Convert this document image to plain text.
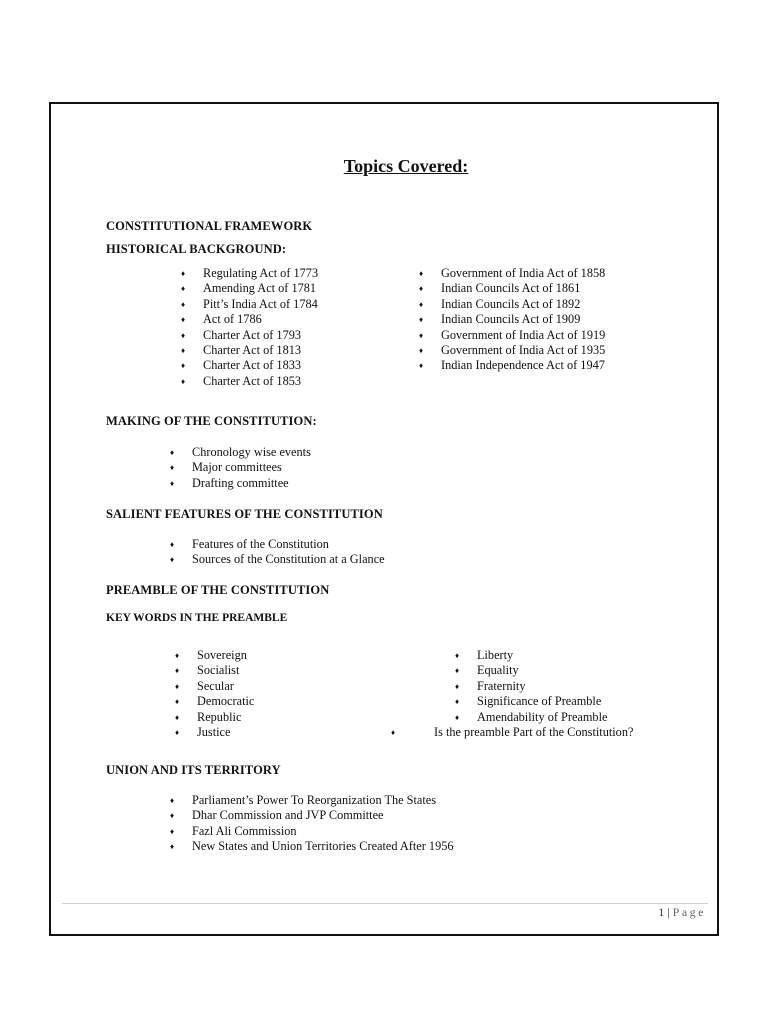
Topics Covered:
CONSTITUTIONAL FRAMEWORK
HISTORICAL BACKGROUND:
♦ Regulating Act of 1773
♦ Amending Act of 1781
♦ Pitt’s India Act of 1784
♦ Act of 1786
♦ Charter Act of 1793
♦ Charter Act of 1813
♦ Charter Act of 1833
♦ Charter Act of 1853
♦ Government of India Act of 1858
♦ Indian Councils Act of 1861
♦ Indian Councils Act of 1892
♦ Indian Councils Act of 1909
♦ Government of India Act of 1919
♦ Government of India Act of 1935
♦ Indian Independence Act of 1947
MAKING OF THE CONSTITUTION:
♦ Chronology wise events
♦ Major committees
♦ Drafting committee
SALIENT FEATURES OF THE CONSTITUTION
♦ Features of the Constitution
♦ Sources of the Constitution at a Glance
PREAMBLE OF THE CONSTITUTION
KEY WORDS IN THE PREAMBLE
♦ Sovereign
♦ Socialist
♦ Secular
♦ Democratic
♦ Republic
♦ Justice
♦ Liberty
♦ Equality
♦ Fraternity
♦ Significance of Preamble
♦ Amendability of Preamble
♦	Is the preamble Part of the Constitution?
UNION AND ITS TERRITORY
♦ Parliament’s Power To Reorganization The States
♦ Dhar Commission and JVP Committee
♦ Fazl Ali Commission
♦ New States and Union Territories Created After 1956
1 | Page
